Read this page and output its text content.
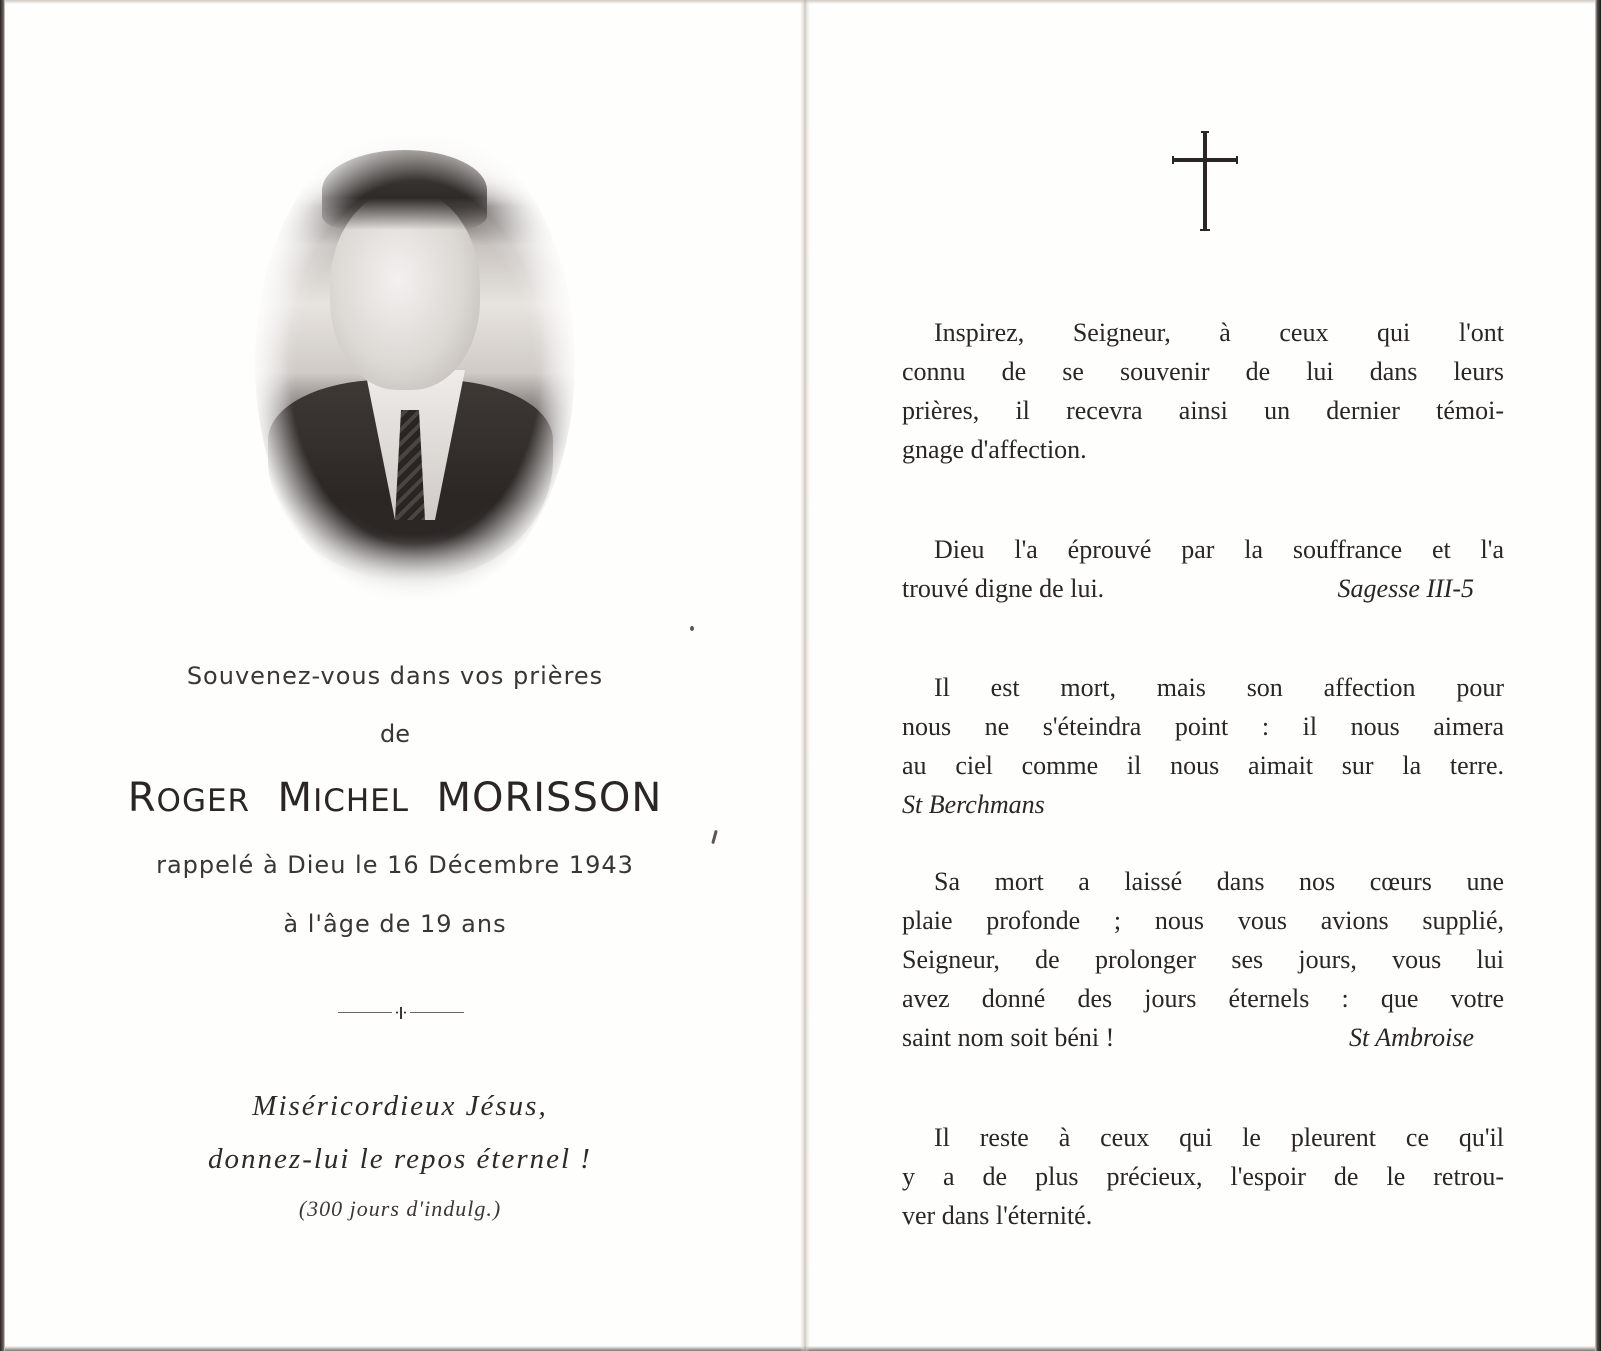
Souvenez-vous dans vos prières
de
ROGER MICHEL MORISSON
rappelé à Dieu le 16 Décembre 1943
à l'âge de 19 ans
Miséricordieux Jésus,
donnez-lui le repos éternel !
(300 jours d'indulg.)
Inspirez, Seigneur, à ceux qui l'ont
connu de se souvenir de lui dans leurs
prières, il recevra ainsi un dernier témoi-
gnage d'affection.
Dieu l'a éprouvé par la souffrance et l'a
trouvé digne de lui.	Sagesse III-5
Il est mort, mais son affection pour
nous ne s'éteindra point : il nous aimera
au ciel comme il nous aimait sur la terre.
St Berchmans
Sa mort a laissé dans nos cœurs une
plaie profonde ; nous vous avions supplié,
Seigneur, de prolonger ses jours, vous lui
avez donné des jours éternels : que votre
saint nom soit béni !	St Ambroise
Il reste à ceux qui le pleurent ce qu'il
y a de plus précieux, l'espoir de le retrou-
ver dans l'éternité.
